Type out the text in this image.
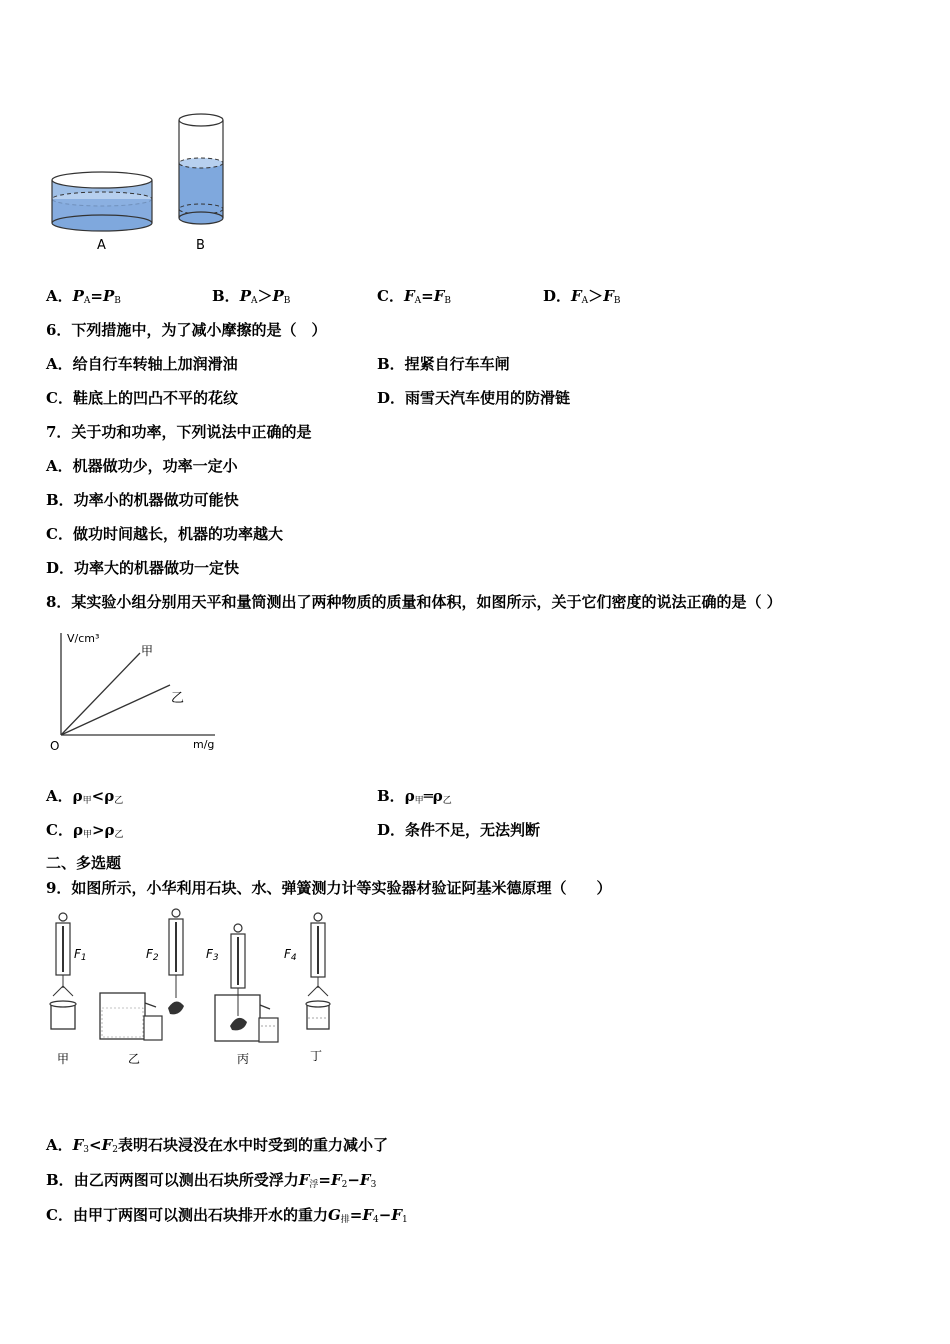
A	B
A．$P_A=P_B$	B．$P_A>P_B$	C．$F_A=F_B$	D．$F_A>F_B$
6．下列措施中，为了减小摩擦的是（　）
A．给自行车转轴上加润滑油	B．捏紧自行车车闸
C．鞋底上的凹凸不平的花纹	D．雨雪天汽车使用的防滑链
7．关于功和功率，下列说法中正确的是
A．机器做功少，功率一定小
B．功率小的机器做功可能快
C．做功时间越长，机器的功率越大
D．功率大的机器做功一定快
8．某实验小组分别用天平和量筒测出了两种物质的质量和体积，如图所示，关于它们密度的说法正确的是（ ）
V/cm³
m/g
O
甲
乙
A．$\rho_甲<\rho_乙$	B．$\rho_甲═\rho_乙$
C．$\rho_甲>\rho_乙$	D．条件不足，无法判断
二、多选题
9．如图所示，小华利用石块、水、弹簧测力计等实验器材验证阿基米德原理（　　）
F1
甲
F2
乙
F3
丙
F4
丁
A．$F_3<F_2$表明石块浸没在水中时受到的重力减小了
B．由乙丙两图可以测出石块所受浮力$F_浮=F_2-F_3$
C．由甲丁两图可以测出石块排开水的重力$G_排=F_4-F_1$
